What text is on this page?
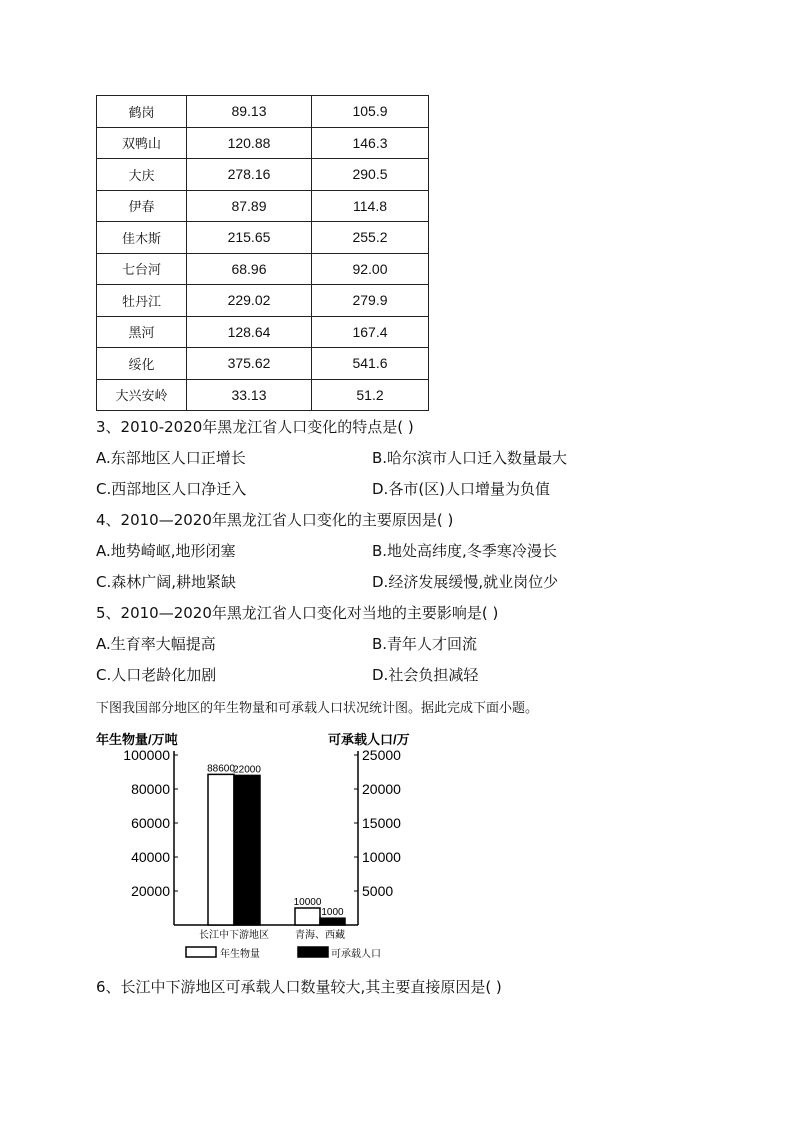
鹤岗	89.13	105.9
双鸭山	120.88	146.3
大庆	278.16	290.5
伊春	87.89	114.8
佳木斯	215.65	255.2
七台河	68.96	92.00
牡丹江	229.02	279.9
黑河	128.64	167.4
绥化	375.62	541.6
大兴安岭	33.13	51.2
3、2010-2020年黑龙江省人口变化的特点是( )
A.东部地区人口正增长	B.哈尔滨市人口迁入数量最大
C.西部地区人口净迁入	D.各市(区)人口增量为负值
4、2010—2020年黑龙江省人口变化的主要原因是( )
A.地势崎岖,地形闭塞	B.地处高纬度,冬季寒冷漫长
C.森林广阔,耕地紧缺	D.经济发展缓慢,就业岗位少
5、2010—2020年黑龙江省人口变化对当地的主要影响是( )
A.生育率大幅提高	B.青年人才回流
C.人口老龄化加剧	D.社会负担减轻
下图我国部分地区的年生物量和可承载人口状况统计图。据此完成下面小题。
年生物量/万吨	可承载人口/万
100000
80000
60000
40000
20000
25000
20000
15000
10000
5000
88600
22000
长江中下游地区
10000
1000
青海、西藏
年生物量	可承载人口
6、长江中下游地区可承载人口数量较大,其主要直接原因是( )
